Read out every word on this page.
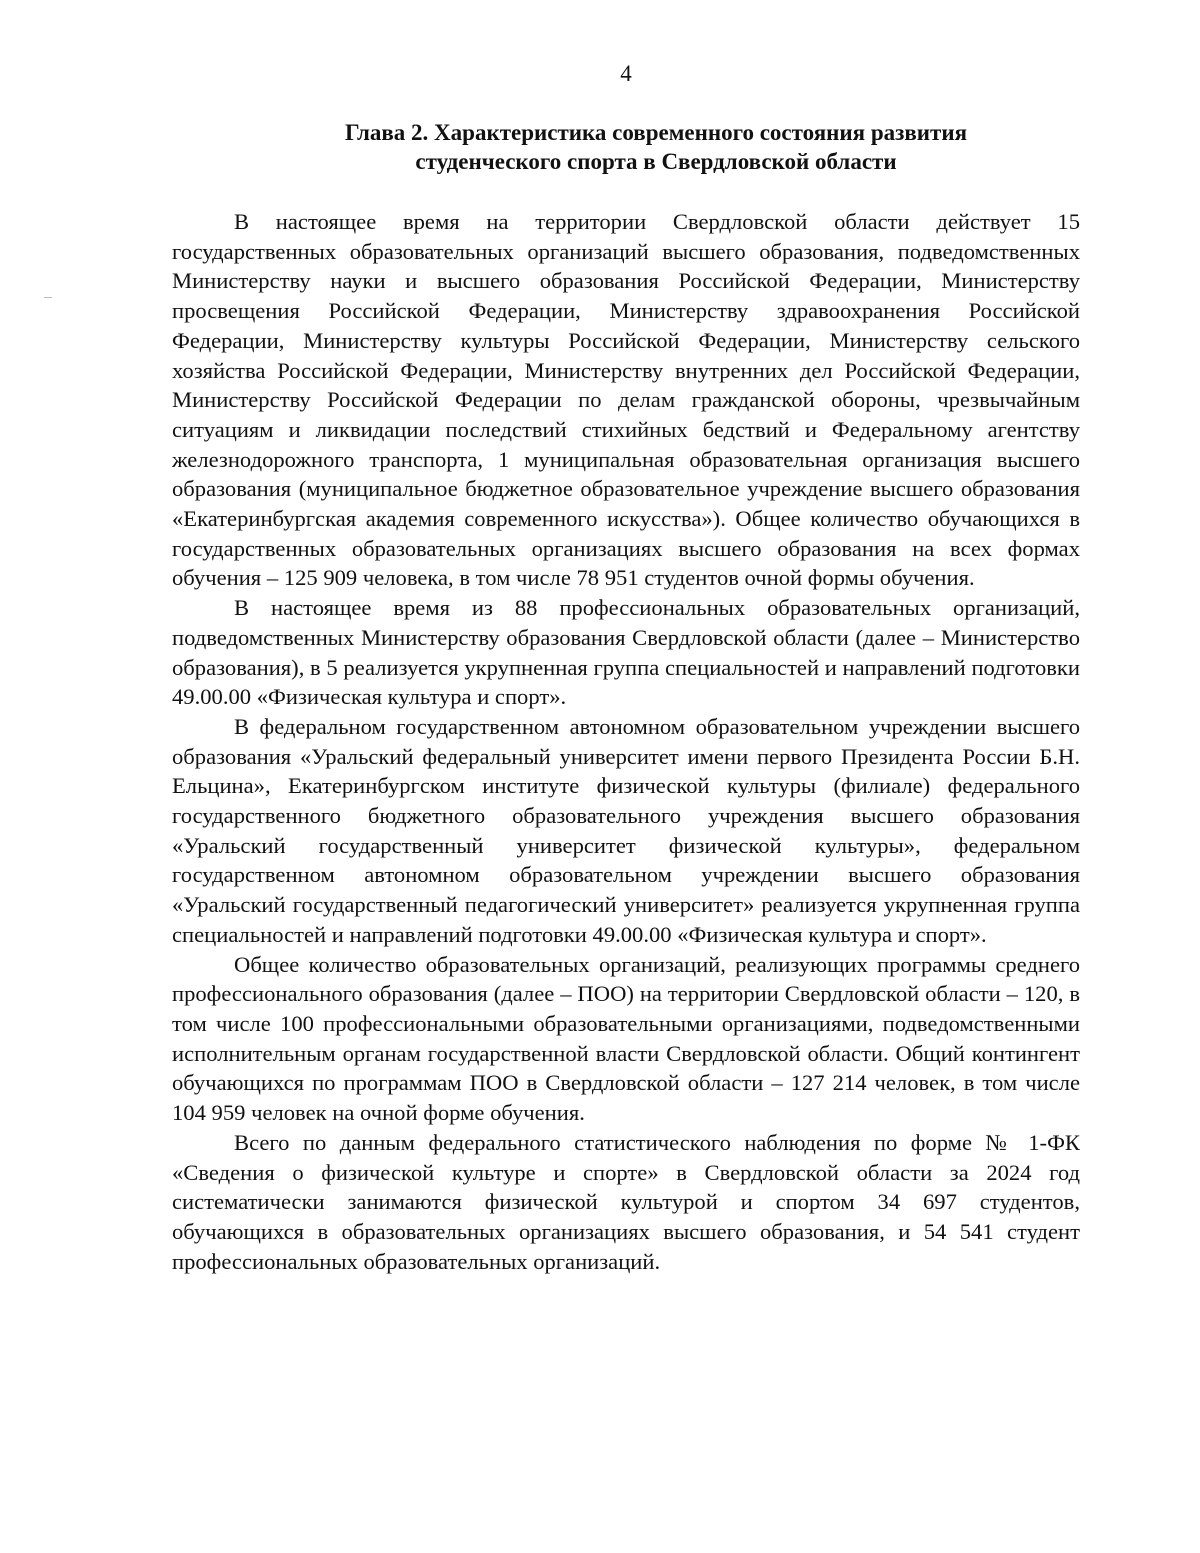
4
Глава 2. Характеристика современного состояния развития
студенческого спорта в Свердловской области

В настоящее время на территории Свердловской области действует 15 государственных образовательных организаций высшего образования, подведомственных Министерству науки и высшего образования Российской Федерации, Министерству просвещения Российской Федерации, Министерству здравоохранения Российской Федерации, Министерству культуры Российской Федерации, Министерству сельского хозяйства Российской Федерации, Министерству внутренних дел Российской Федерации, Министерству Российской Федерации по делам гражданской обороны, чрезвычайным ситуациям и ликвидации последствий стихийных бедствий и Федеральному агентству железнодорожного транспорта, 1 муниципальная образовательная организация высшего образования (муниципальное бюджетное образовательное учреждение высшего образования «Екатеринбургская академия современного искусства»). Общее количество обучающихся в государственных образовательных организациях высшего образования на всех формах обучения – 125 909 человека, в том числе 78 951 студентов очной формы обучения.

В настоящее время из 88 профессиональных образовательных организаций, подведомственных Министерству образования Свердловской области (далее – Министерство образования), в 5 реализуется укрупненная группа специальностей и направлений подготовки 49.00.00 «Физическая культура и спорт».

В федеральном государственном автономном образовательном учреждении высшего образования «Уральский федеральный университет имени первого Президента России Б.Н. Ельцина», Екатеринбургском институте физической культуры (филиале) федерального государственного бюджетного образовательного учреждения высшего образования «Уральский государственный университет физической культуры», федеральном государственном автономном образовательном учреждении высшего образования «Уральский государственный педагогический университет» реализуется укрупненная группа специальностей и направлений подготовки 49.00.00 «Физическая культура и спорт».

Общее количество образовательных организаций, реализующих программы среднего профессионального образования (далее – ПОО) на территории Свердловской области – 120, в том числе 100 профессиональными образовательными организациями, подведомственными исполнительным органам государственной власти Свердловской области. Общий контингент обучающихся по программам ПОО в Свердловской области – 127 214 человек, в том числе 104 959 человек на очной форме обучения.

Всего по данным федерального статистического наблюдения по форме № 1-ФК «Сведения о физической культуре и спорте» в Свердловской области за 2024 год систематически занимаются физической культурой и спортом 34 697 студентов, обучающихся в образовательных организациях высшего образования, и 54 541 студент профессиональных образовательных организаций.
